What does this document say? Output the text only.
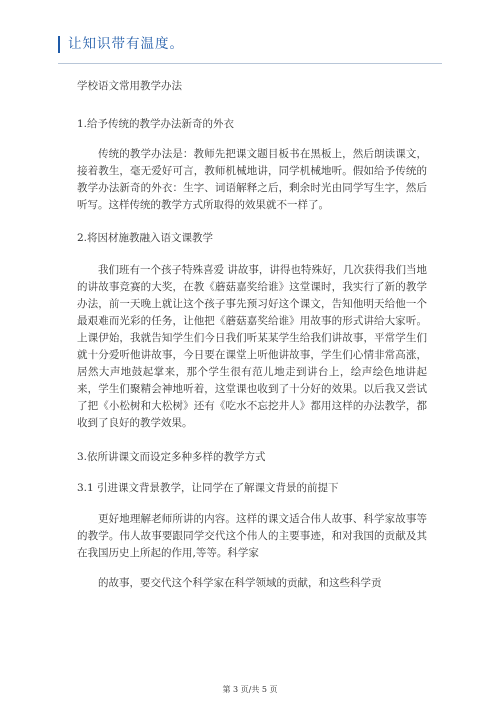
让知识带有温度。

学校语文常用教学办法

1.给予传统的教学办法新奇的外衣

传统的教学办法是：教师先把课文题目板书在黑板上，然后朗读课文，接着教生，毫无爱好可言，教师机械地讲，同学机械地听。假如给予传统的教学办法新奇的外衣：生字、词语解释之后，剩余时光由同学写生字，然后听写。这样传统的教学方式所取得的效果就不一样了。

2.将因材施教融入语文课教学

我们班有一个孩子特殊喜爱 讲故事，讲得也特殊好，几次获得我们当地的讲故事竞赛的大奖，在教《蘑菇嘉奖给谁》这堂课时，我实行了新的教学办法，前一天晚上就让这个孩子事先预习好这个课文，告知他明天给他一个最艰难而光彩的任务，让他把《蘑菇嘉奖给谁》用故事的形式讲给大家听。上课伊始，我就告知学生们今日我们听某某学生给我们讲故事，平常学生们就十分爱听他讲故事，今日要在课堂上听他讲故事，学生们心情非常高涨，居然大声地鼓起掌来，那个学生很有范儿地走到讲台上，绘声绘色地讲起来，学生们聚精会神地听着，这堂课也收到了十分好的效果。以后我又尝试了把《小松树和大松树》还有《吃水不忘挖井人》都用这样的办法教学，都收到了良好的教学效果。

3.依所讲课文而设定多种多样的教学方式

3.1 引进课文背景教学，让同学在了解课文背景的前提下

更好地理解老师所讲的内容。这样的课文适合伟人故事、科学家故事等的教学。伟人故事要跟同学交代这个伟人的主要事迹，和对我国的贡献及其在我国历史上所起的作用,等等。科学家

的故事，要交代这个科学家在科学领域的贡献，和这些科学贡

第 3 页/共 5 页
